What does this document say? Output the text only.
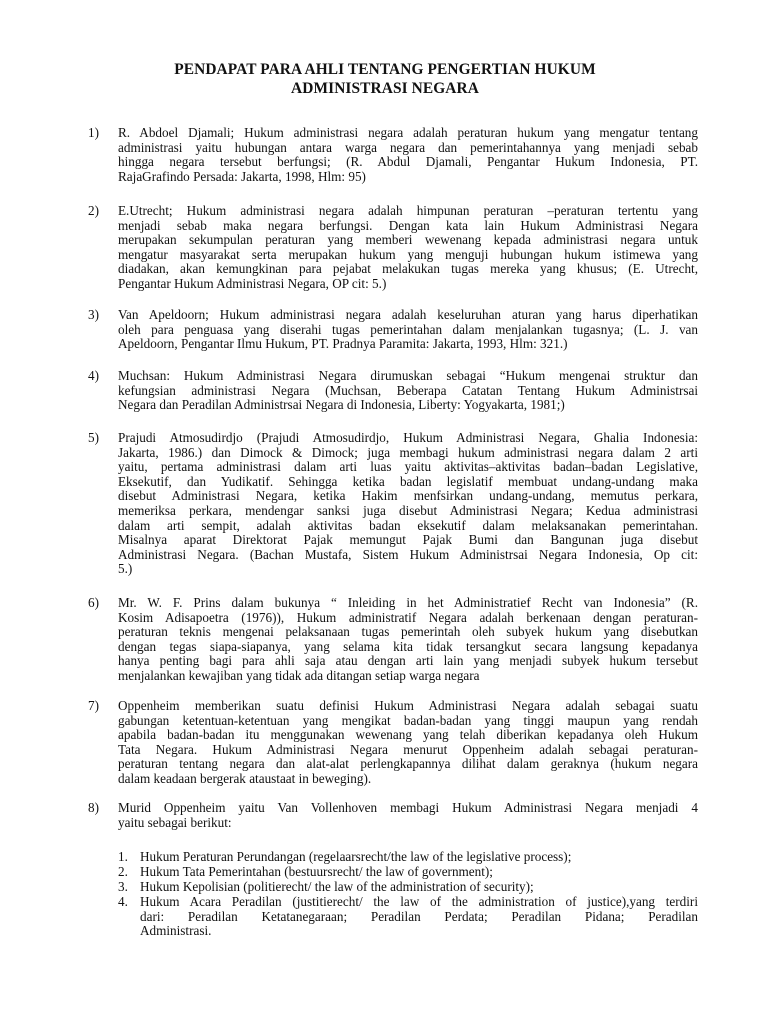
PENDAPAT PARA AHLI TENTANG PENGERTIAN HUKUM
ADMINISTRASI NEGARA
1) R. Abdoel Djamali; Hukum administrasi negara adalah peraturan hukum yang mengatur tentang
administrasi yaitu hubungan antara warga negara dan pemerintahannya yang menjadi sebab
hingga negara tersebut berfungsi; (R. Abdul Djamali, Pengantar Hukum Indonesia, PT.
RajaGrafindo Persada: Jakarta, 1998, Hlm: 95)
2) E.Utrecht; Hukum administrasi negara adalah himpunan peraturan –peraturan tertentu yang
menjadi sebab maka negara berfungsi. Dengan kata lain Hukum Administrasi Negara
merupakan sekumpulan peraturan yang memberi wewenang kepada administrasi negara untuk
mengatur masyarakat serta merupakan hukum yang menguji hubungan hukum istimewa yang
diadakan, akan kemungkinan para pejabat melakukan tugas mereka yang khusus; (E. Utrecht,
Pengantar Hukum Administrasi Negara, OP cit: 5.)
3) Van Apeldoorn; Hukum administrasi negara adalah keseluruhan aturan yang harus diperhatikan
oleh para penguasa yang diserahi tugas pemerintahan dalam menjalankan tugasnya; (L. J. van
Apeldoorn, Pengantar Ilmu Hukum, PT. Pradnya Paramita: Jakarta, 1993, Hlm: 321.)
4) Muchsan: Hukum Administrasi Negara dirumuskan sebagai “Hukum mengenai struktur dan
kefungsian administrasi Negara (Muchsan, Beberapa Catatan Tentang Hukum Administrsai
Negara dan Peradilan Administrsai Negara di Indonesia, Liberty: Yogyakarta, 1981;)
5) Prajudi Atmosudirdjo (Prajudi Atmosudirdjo, Hukum Administrasi Negara, Ghalia Indonesia:
Jakarta, 1986.) dan Dimock & Dimock; juga membagi hukum administrasi negara dalam 2 arti
yaitu, pertama administrasi dalam arti luas yaitu aktivitas–aktivitas badan–badan Legislative,
Eksekutif, dan Yudikatif. Sehingga ketika badan legislatif membuat undang-undang maka
disebut Administrasi Negara, ketika Hakim menfsirkan undang-undang, memutus perkara,
memeriksa perkara, mendengar sanksi juga disebut Administrasi Negara; Kedua administrasi
dalam arti sempit, adalah aktivitas badan eksekutif dalam melaksanakan pemerintahan.
Misalnya aparat Direktorat Pajak memungut Pajak Bumi dan Bangunan juga disebut
Administrasi Negara. (Bachan Mustafa, Sistem Hukum Administrsai Negara Indonesia, Op cit:
5.)
6) Mr. W. F. Prins dalam bukunya “ Inleiding in het Administratief Recht van Indonesia” (R.
Kosim Adisapoetra (1976)), Hukum administratif Negara adalah berkenaan dengan peraturan-
peraturan teknis mengenai pelaksanaan tugas pemerintah oleh subyek hukum yang disebutkan
dengan tegas siapa-siapanya, yang selama kita tidak tersangkut secara langsung kepadanya
hanya penting bagi para ahli saja atau dengan arti lain yang menjadi subyek hukum tersebut
menjalankan kewajiban yang tidak ada ditangan setiap warga negara
7) Oppenheim memberikan suatu definisi Hukum Administrasi Negara adalah sebagai suatu
gabungan ketentuan-ketentuan yang mengikat badan-badan yang tinggi maupun yang rendah
apabila badan-badan itu menggunakan wewenang yang telah diberikan kepadanya oleh Hukum
Tata Negara. Hukum Administrasi Negara menurut Oppenheim adalah sebagai peraturan-
peraturan tentang negara dan alat-alat perlengkapannya dilihat dalam geraknya (hukum negara
dalam keadaan bergerak ataustaat in beweging).
8) Murid Oppenheim yaitu Van Vollenhoven membagi Hukum Administrasi Negara menjadi 4
yaitu sebagai berikut:
1. Hukum Peraturan Perundangan (regelaarsrecht/the law of the legislative process);
2. Hukum Tata Pemerintahan (bestuursrecht/ the law of government);
3. Hukum Kepolisian (politierecht/ the law of the administration of security);
4. Hukum Acara Peradilan (justitierecht/ the law of the administration of justice),yang terdiri
dari: Peradilan Ketatanegaraan; Peradilan Perdata; Peradilan Pidana; Peradilan
Administrasi.
